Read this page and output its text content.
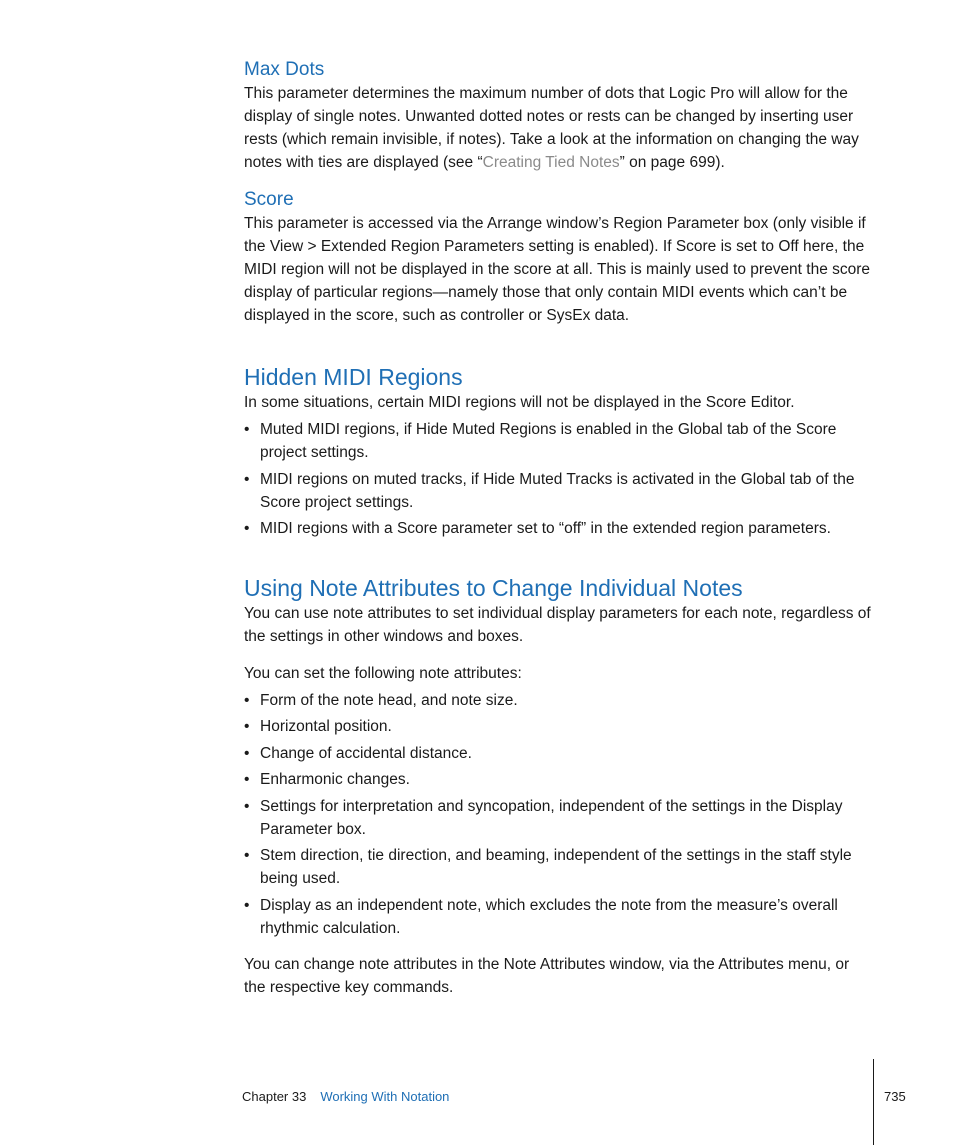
Max Dots

This parameter determines the maximum number of dots that Logic Pro will allow for the display of single notes. Unwanted dotted notes or rests can be changed by inserting user rests (which remain invisible, if notes). Take a look at the information on changing the way notes with ties are displayed (see “Creating Tied Notes” on page 699).

Score

This parameter is accessed via the Arrange window’s Region Parameter box (only visible if the View > Extended Region Parameters setting is enabled). If Score is set to Off here, the MIDI region will not be displayed in the score at all. This is mainly used to prevent the score display of particular regions—namely those that only contain MIDI events which can’t be displayed in the score, such as controller or SysEx data.

Hidden MIDI Regions

In some situations, certain MIDI regions will not be displayed in the Score Editor.

• Muted MIDI regions, if Hide Muted Regions is enabled in the Global tab of the Score project settings.
• MIDI regions on muted tracks, if Hide Muted Tracks is activated in the Global tab of the Score project settings.
• MIDI regions with a Score parameter set to “off” in the extended region parameters.
Using Note Attributes to Change Individual Notes

You can use note attributes to set individual display parameters for each note, regardless of the settings in other windows and boxes.

You can set the following note attributes:

• Form of the note head, and note size.
• Horizontal position.
• Change of accidental distance.
• Enharmonic changes.
• Settings for interpretation and syncopation, independent of the settings in the Display Parameter box.
• Stem direction, tie direction, and beaming, independent of the settings in the staff style being used.
• Display as an independent note, which excludes the note from the measure’s overall rhythmic calculation.

You can change note attributes in the Note Attributes window, via the Attributes menu, or the respective key commands.

Chapter 33 Working With Notation	735
